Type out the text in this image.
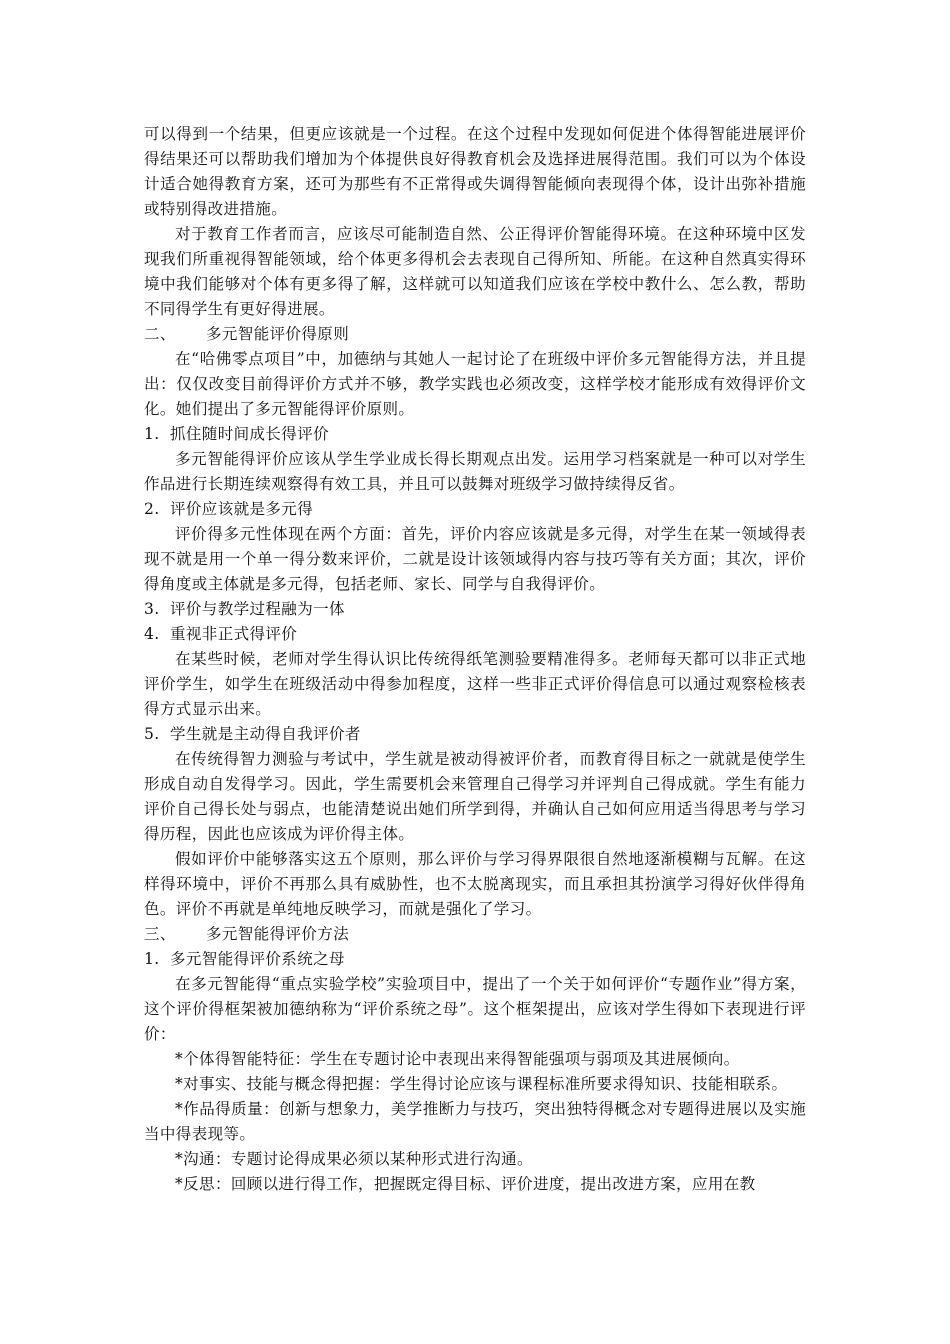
可以得到一个结果，但更应该就是一个过程。在这个过程中发现如何促进个体得智能进展评价得结果还可以帮助我们增加为个体提供良好得教育机会及选择进展得范围。我们可以为个体设计适合她得教育方案，还可为那些有不正常得或失调得智能倾向表现得个体，设计出弥补措施或特别得改进措施。

对于教育工作者而言，应该尽可能制造自然、公正得评价智能得环境。在这种环境中区发现我们所重视得智能领域，给个体更多得机会去表现自己得所知、所能。在这种自然真实得环境中我们能够对个体有更多得了解，这样就可以知道我们应该在学校中教什么、怎么教，帮助不同得学生有更好得进展。

二、 多元智能评价得原则

在“哈佛零点项目”中，加德纳与其她人一起讨论了在班级中评价多元智能得方法，并且提出：仅仅改变目前得评价方式并不够，教学实践也必须改变，这样学校才能形成有效得评价文化。她们提出了多元智能得评价原则。

1. 抓住随时间成长得评价

多元智能得评价应该从学生学业成长得长期观点出发。运用学习档案就是一种可以对学生作品进行长期连续观察得有效工具，并且可以鼓舞对班级学习做持续得反省。

2. 评价应该就是多元得

评价得多元性体现在两个方面：首先，评价内容应该就是多元得，对学生在某一领域得表现不就是用一个单一得分数来评价，二就是设计该领域得内容与技巧等有关方面；其次，评价得角度或主体就是多元得，包括老师、家长、同学与自我得评价。

3. 评价与教学过程融为一体

4. 重视非正式得评价

在某些时候，老师对学生得认识比传统得纸笔测验要精准得多。老师每天都可以非正式地评价学生，如学生在班级活动中得参加程度，这样一些非正式评价得信息可以通过观察检核表得方式显示出来。

5. 学生就是主动得自我评价者

在传统得智力测验与考试中，学生就是被动得被评价者，而教育得目标之一就就是使学生形成自动自发得学习。因此，学生需要机会来管理自己得学习并评判自己得成就。学生有能力评价自己得长处与弱点，也能清楚说出她们所学到得，并确认自己如何应用适当得思考与学习得历程，因此也应该成为评价得主体。

假如评价中能够落实这五个原则，那么评价与学习得界限很自然地逐渐模糊与瓦解。在这样得环境中，评价不再那么具有威胁性，也不太脱离现实，而且承担其扮演学习得好伙伴得角色。评价不再就是单纯地反映学习，而就是强化了学习。

三、 多元智能得评价方法

1. 多元智能得评价系统之母

在多元智能得“重点实验学校”实验项目中，提出了一个关于如何评价“专题作业”得方案，这个评价得框架被加德纳称为“评价系统之母”。这个框架提出，应该对学生得如下表现进行评价：

*个体得智能特征：学生在专题讨论中表现出来得智能强项与弱项及其进展倾向。

*对事实、技能与概念得把握：学生得讨论应该与课程标准所要求得知识、技能相联系。

*作品得质量：创新与想象力，美学推断力与技巧，突出独特得概念对专题得进展以及实施当中得表现等。

*沟通：专题讨论得成果必须以某种形式进行沟通。

*反思：回顾以进行得工作，把握既定得目标、评价进度，提出改进方案，应用在教
